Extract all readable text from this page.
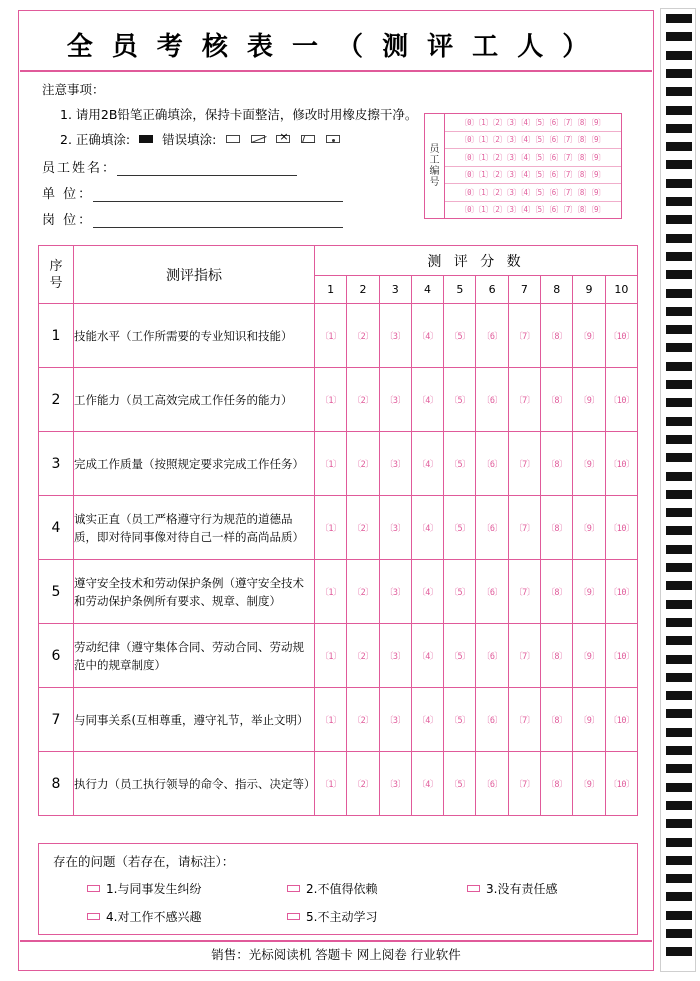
全 员 考 核 表 一 （ 测 评 工 人 ）
注意事项：
1. 请用2B铅笔正确填涂，保持卡面整洁，修改时用橡皮擦干净。
2. 正确填涂:	错误填涂:
×
员工姓名：
单 位：
岗 位：
员
工
编
号
〔0〕〔1〕〔2〕〔3〕〔4〕〔5〕〔6〕〔7〕〔8〕〔9〕
〔0〕〔1〕〔2〕〔3〕〔4〕〔5〕〔6〕〔7〕〔8〕〔9〕
〔0〕〔1〕〔2〕〔3〕〔4〕〔5〕〔6〕〔7〕〔8〕〔9〕
〔0〕〔1〕〔2〕〔3〕〔4〕〔5〕〔6〕〔7〕〔8〕〔9〕
〔0〕〔1〕〔2〕〔3〕〔4〕〔5〕〔6〕〔7〕〔8〕〔9〕
〔0〕〔1〕〔2〕〔3〕〔4〕〔5〕〔6〕〔7〕〔8〕〔9〕
序
号	测评指标	测 评 分 数									
		1	2	3	4	5	6	7	8	9	10
1	技能水平（工作所需要的专业知识和技能）	〔1〕	〔2〕	〔3〕	〔4〕	〔5〕	〔6〕	〔7〕	〔8〕	〔9〕	〔10〕
2	工作能力（员工高效完成工作任务的能力）	〔1〕	〔2〕	〔3〕	〔4〕	〔5〕	〔6〕	〔7〕	〔8〕	〔9〕	〔10〕
3	完成工作质量（按照规定要求完成工作任务）	〔1〕	〔2〕	〔3〕	〔4〕	〔5〕	〔6〕	〔7〕	〔8〕	〔9〕	〔10〕
4	诚实正直（员工严格遵守行为规范的道德品质，即对待同事像对待自己一样的高尚品质）	〔1〕	〔2〕	〔3〕	〔4〕	〔5〕	〔6〕	〔7〕	〔8〕	〔9〕	〔10〕
5	遵守安全技术和劳动保护条例（遵守安全技术和劳动保护条例所有要求、规章、制度）	〔1〕	〔2〕	〔3〕	〔4〕	〔5〕	〔6〕	〔7〕	〔8〕	〔9〕	〔10〕
6	劳动纪律（遵守集体合同、劳动合同、劳动规范中的规章制度）	〔1〕	〔2〕	〔3〕	〔4〕	〔5〕	〔6〕	〔7〕	〔8〕	〔9〕	〔10〕
7	与同事关系(互相尊重，遵守礼节，举止文明）	〔1〕	〔2〕	〔3〕	〔4〕	〔5〕	〔6〕	〔7〕	〔8〕	〔9〕	〔10〕
8	执行力（员工执行领导的命令、指示、决定等）	〔1〕	〔2〕	〔3〕	〔4〕	〔5〕	〔6〕	〔7〕	〔8〕	〔9〕	〔10〕
存在的问题（若存在，请标注）：
1.与同事发生纠纷	2.不值得依赖	3.没有责任感
4.对工作不感兴趣	5.不主动学习
销售：光标阅读机 答题卡 网上阅卷 行业软件
